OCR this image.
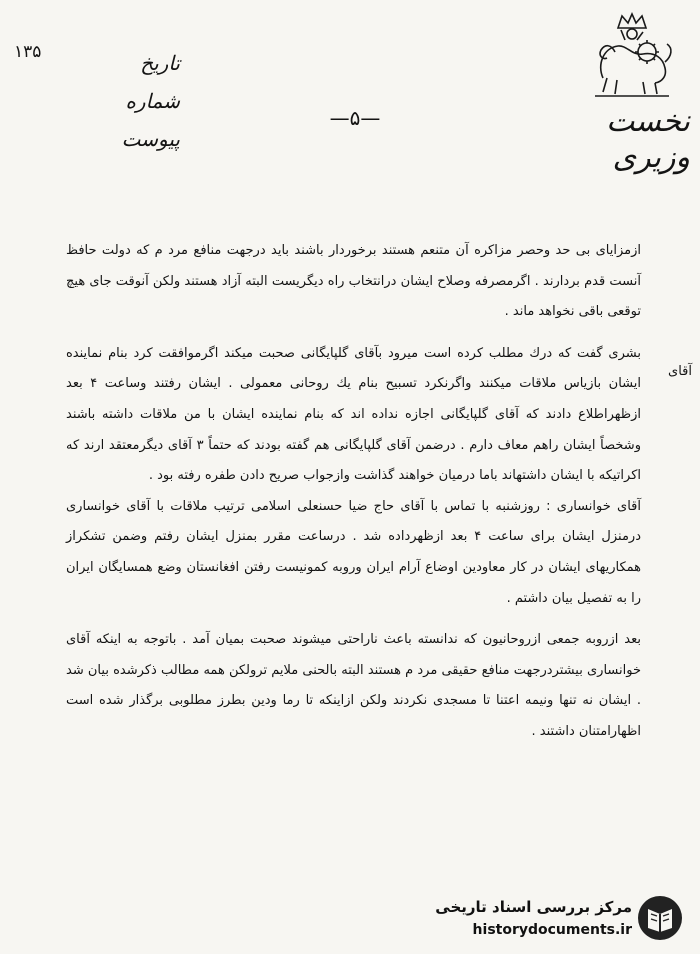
١٣۵	تاریخ
شماره
پیوست	نخست وزیری
—۵—
آقای

ازمزایای بی حد وحصر مزاکره آن متنعم هستند برخوردار باشند باید درجهت منافع مرد م که دولت حافظ آنست قدم بردارند . اگرمصرفه وصلاح ایشان درانتخاب راه دیگریست البته آزاد هستند ولکن آنوقت جای هیچ توقعی باقی نخواهد ماند .

بشری گفت که درك مطلب کرده است میرود بآقای گلپایگانی صحبت میکند اگرموافقت کرد بنام نماینده ایشان بازیاس ملاقات میکنند واگرنکرد تسبیح بنام یك روحانی معمولی . ایشان رفتند وساعت ۴ بعد ازظهراطلاع دادند که آقای گلپایگانی اجازه نداده اند که بنام نماینده ایشان با من ملاقات داشته باشند وشخصاً ایشان راهم معاف دارم . درضمن آقای گلپایگانی هم گفته بودند که حتماً ۳ آقای دیگرمعتقد ارند که اکراتیکه با ایشان داشتهاند باما درمیان خواهند گذاشت وازجواب صریح دادن طفره رفته بود .

آقای خوانساری : روزشنبه با تماس با آقای حاج ضیا حسنعلی اسلامی ترتیب ملاقات با آقای خوانساری درمنزل ایشان برای ساعت ۴ بعد ازظهرداده شد . درساعت مقرر بمنزل ایشان رفتم وضمن تشکراز همکاریهای ایشان در کار معاودین اوضاع آرام ایران وروبه کمونیست رفتن افغانستان وضع همسایگان ایران را به تفصیل بیان داشتم .

بعد ازروبه جمعی ازروحانیون که ندانسته باعث ناراحتی میشوند صحبت بمیان آمد . باتوجه به اینکه آقای خوانساری بیشتردرجهت منافع حقیقی مرد م هستند البته بالحنی ملایم ترولکن همه مطالب ذکرشده بیان شد . ایشان نه تنها ونیمه اعتنا تا مسجدی نکردند ولکن ازاینکه تا رما ودین بطرز مطلوبی برگذار شده است اظهارامتنان داشتند .

مرکز بررسی اسناد تاریخی
historydocuments.ir
